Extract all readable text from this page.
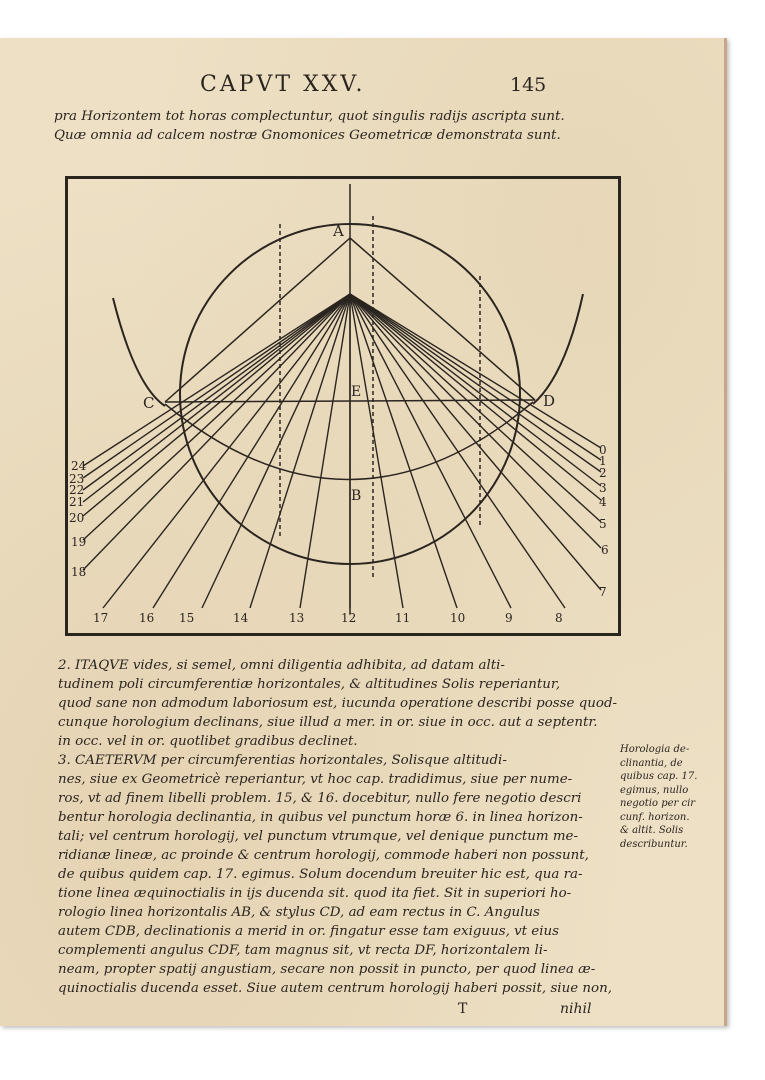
CAPVT XXV.	145
pra Horizontem tot horas complectuntur, quot singulis radijs ascripta sunt.
Quæ omnia ad calcem nostræ Gnomonices Geometricæ demonstrata sunt.
A
E
B
C	D
17	16 15	14	13	12	11	10	9	8
24
23
22
21
20
19
18
0
1
2
3
4
5
6
7
2. ITAQVE vides, si semel, omni diligentia adhibita, ad datam alti-
tudinem poli circumferentiæ horizontales, & altitudines Solis reperiantur,
quod sane non admodum laboriosum est, iucunda operatione describi posse quod-
cunque horologium declinans, siue illud a mer. in or. siue in occ. aut a septentr.
in occ. vel in or. quotlibet gradibus declinet.
3. CAETERVM per circumferentias horizontales, Solisque altitudi-
nes, siue ex Geometricè reperiantur, vt hoc cap. tradidimus, siue per nume-
ros, vt ad finem libelli problem. 15, & 16. docebitur, nullo fere negotio descri
bentur horologia declinantia, in quibus vel punctum horæ 6. in linea horizon-
tali; vel centrum horologij, vel punctum vtrumque, vel denique punctum me-
ridianæ lineæ, ac proinde & centrum horologij, commode haberi non possunt,
de quibus quidem cap. 17. egimus. Solum docendum breuiter hic est, qua ra-
tione linea æquinoctialis in ijs ducenda sit. quod ita fiet. Sit in superiori ho-
rologio linea horizontalis AB, & stylus CD, ad eam rectus in C. Angulus
autem CDB, declinationis a merid in or. fingatur esse tam exiguus, vt eius
complementi angulus CDF, tam magnus sit, vt recta DF, horizontalem li-
neam, propter spatij angustiam, secare non possit in puncto, per quod linea æ-
quinoctialis ducenda esset. Siue autem centrum horologij haberi possit, siue non,
Horologia de-
clinantia, de
quibus cap. 17.
egimus, nullo
negotio per cir
cunf. horizon.
& altit. Solis
describuntur.
T	nihil
